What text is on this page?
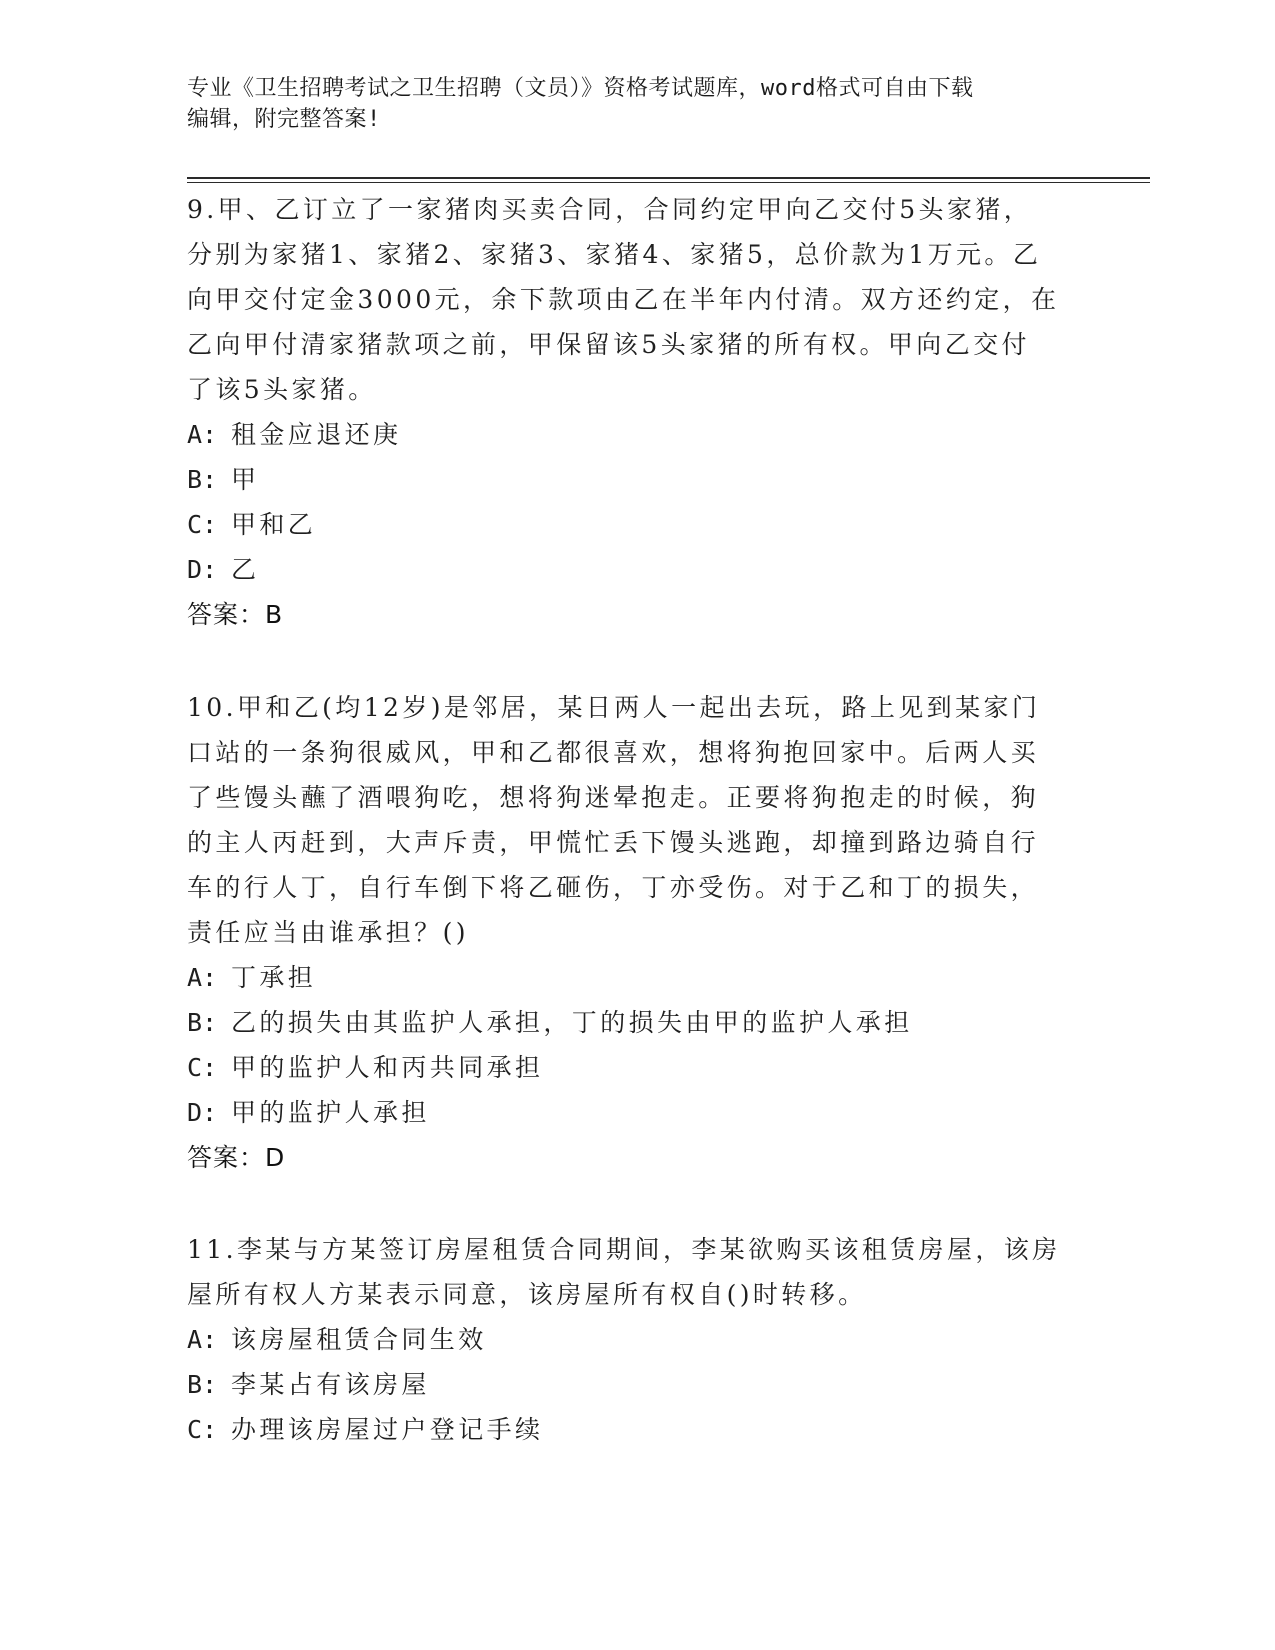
专业《卫生招聘考试之卫生招聘（文员）》资格考试题库，word格式可自由下载
编辑，附完整答案!
9.甲、乙订立了一家猪肉买卖合同，合同约定甲向乙交付5头家猪，
分别为家猪1、家猪2、家猪3、家猪4、家猪5，总价款为1万元。乙
向甲交付定金3000元，余下款项由乙在半年内付清。双方还约定，在
乙向甲付清家猪款项之前，甲保留该5头家猪的所有权。甲向乙交付
了该5头家猪。
A: 租金应退还庚
B: 甲
C: 甲和乙
D: 乙
答案：B
10.甲和乙(均12岁)是邻居，某日两人一起出去玩，路上见到某家门
口站的一条狗很威风，甲和乙都很喜欢，想将狗抱回家中。后两人买
了些馒头蘸了酒喂狗吃，想将狗迷晕抱走。正要将狗抱走的时候，狗
的主人丙赶到，大声斥责，甲慌忙丢下馒头逃跑，却撞到路边骑自行
车的行人丁，自行车倒下将乙砸伤，丁亦受伤。对于乙和丁的损失，
责任应当由谁承担？()
A: 丁承担
B: 乙的损失由其监护人承担，丁的损失由甲的监护人承担
C: 甲的监护人和丙共同承担
D: 甲的监护人承担
答案：D
11.李某与方某签订房屋租赁合同期间，李某欲购买该租赁房屋，该房
屋所有权人方某表示同意，该房屋所有权自()时转移。
A: 该房屋租赁合同生效
B: 李某占有该房屋
C: 办理该房屋过户登记手续
